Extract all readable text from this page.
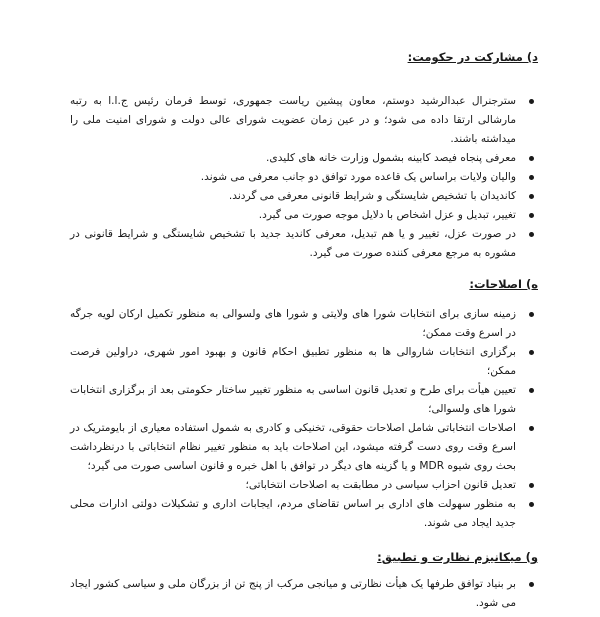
د) مشارکت در حکومت:
سترجنرال عبدالرشید دوستم، معاون پیشین ریاست جمهوری، توسط فرمان رئیس ج.ا.ا به رتبه مارشالی ارتقا داده می شود؛ و در عین زمان عضویت شورای عالی دولت و شورای امنیت ملی را میداشته باشند.
معرفی پنجاه فیصد کابینه بشمول وزارت خانه های کلیدی.
والیان ولایات براساس یک قاعده مورد توافق دو جانب معرفی می شوند.
کاندیدان با تشخیص شایستگی و شرایط قانونی معرفی می گردند.
تغییر، تبدیل و عزل اشخاص با دلایل موجه صورت می گیرد.
در صورت عزل، تغییر و یا هم تبدیل، معرفی کاندید جدید با تشخیص شایستگی و شرایط قانونی در مشوره به مرجع معرفی کننده صورت می گیرد.
ه) اصلاحات:
زمینه سازی برای انتخابات شورا های ولایتی و شورا های ولسوالی به منظور تکمیل ارکان لویه جرگه در اسرع وقت ممکن؛
برگزاری انتخابات شاروالی ها به منظور تطبیق احکام قانون و بهبود امور شهری، دراولین فرصت ممکن؛
تعیین هیأت برای طرح و تعدیل قانون اساسی به منظور تغییر ساختار حکومتی بعد از برگزاری انتخابات شورا های ولسوالی؛
اصلاحات انتخاباتی شامل اصلاحات حقوقی، تخنیکی و کادری به شمول استفاده معیاری از بایومتریک در اسرع وقت روی دست گرفته میشود، این اصلاحات باید به منظور تغییر نظام انتخاباتی با درنظرداشت بحث روی شیوه MDR و یا گزینه های دیگر در توافق با اهل خبره و قانون اساسی صورت می گیرد؛
تعدیل قانون احزاب سیاسی در مطابقت به اصلاحات انتخاباتی؛
به منظور سهولت های اداری بر اساس تقاضای مردم، ایجابات اداری و تشکیلات دولتی ادارات محلی جدید ایجاد می شوند.
و) میکانیزم نظارت و تطبیق:
بر بنیاد توافق طرفها یک هیأت نظارتی و میانجی مرکب از پنج تن از بزرگان ملی و سیاسی کشور ایجاد می شود.
